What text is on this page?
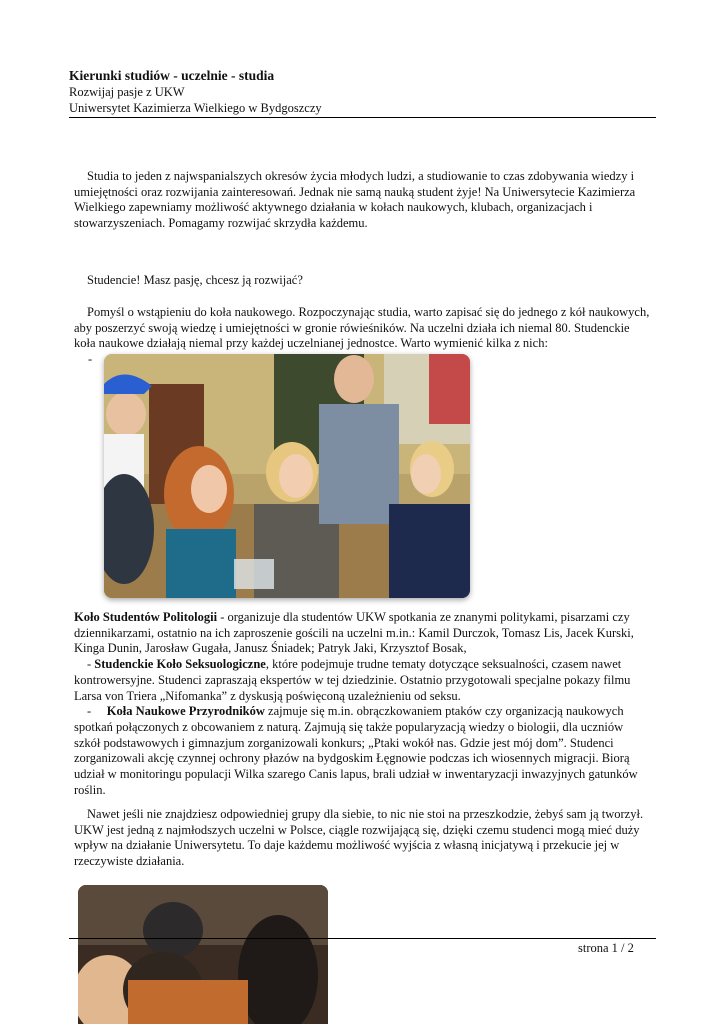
Kierunki studiów - uczelnie - studia
Rozwijaj pasje z UKW
Uniwersytet Kazimierza Wielkiego w Bydgoszczy

Studia to jeden z najwspanialszych okresów życia młodych ludzi, a studiowanie to czas zdobywania wiedzy i umiejętności oraz rozwijania zainteresowań. Jednak nie samą nauką student żyje! Na Uniwersytecie Kazimierza Wielkiego zapewniamy możliwość aktywnego działania w kołach naukowych, klubach, organizacjach i stowarzyszeniach. Pomagamy rozwijać skrzydła każdemu.

Studencie! Masz pasję, chcesz ją rozwijać?

Pomyśl o wstąpieniu do koła naukowego. Rozpoczynając studia, warto zapisać się do jednego z kół naukowych, aby poszerzyć swoją wiedzę i umiejętności w gronie rówieśników. Na uczelni działa ich niemal 80. Studenckie koła naukowe działają niemal przy każdej uczelnianej jednostce. Warto wymienić kilka z nich:

-

Koło Studentów Politologii - organizuje dla studentów UKW spotkania ze znanymi politykami, pisarzami czy dziennikarzami, ostatnio na ich zaproszenie gościli na uczelni m.in.: Kamil Durczok, Tomasz Lis, Jacek Kurski, Kinga Dunin, Jarosław Gugała, Janusz Śniadek; Patryk Jaki, Krzysztof Bosak,

- Studenckie Koło Seksuologiczne, które podejmuje trudne tematy dotyczące seksualności, czasem nawet kontrowersyjne. Studenci zapraszają ekspertów w tej dziedzinie. Ostatnio przygotowali specjalne pokazy filmu Larsa von Triera „Nifomanka” z dyskusją poświęconą uzależnieniu od seksu.

-     Koła Naukowe Przyrodników zajmuje się m.in. obrączkowaniem ptaków czy organizacją naukowych spotkań połączonych z obcowaniem z naturą. Zajmują się także popularyzacją wiedzy o biologii, dla uczniów szkół podstawowych i gimnazjum zorganizowali konkurs; „Ptaki wokół nas. Gdzie jest mój dom”. Studenci zorganizowali akcję czynnej ochrony płazów na bydgoskim Łęgnowie podczas ich wiosennych migracji. Biorą udział w monitoringu populacji Wilka szarego Canis lapus, brali udział w inwentaryzacji inwazyjnych gatunków roślin.

Nawet jeśli nie znajdziesz odpowiedniej grupy dla siebie, to nic nie stoi na przeszkodzie, żebyś sam ją tworzył. UKW jest jedną z najmłodszych uczelni w Polsce, ciągle rozwijającą się, dzięki czemu studenci mogą mieć duży wpływ na działanie Uniwersytetu. To daje każdemu możliwość wyjścia z własną inicjatywą i przekucie jej w rzeczywiste działania.

strona 1 / 2
